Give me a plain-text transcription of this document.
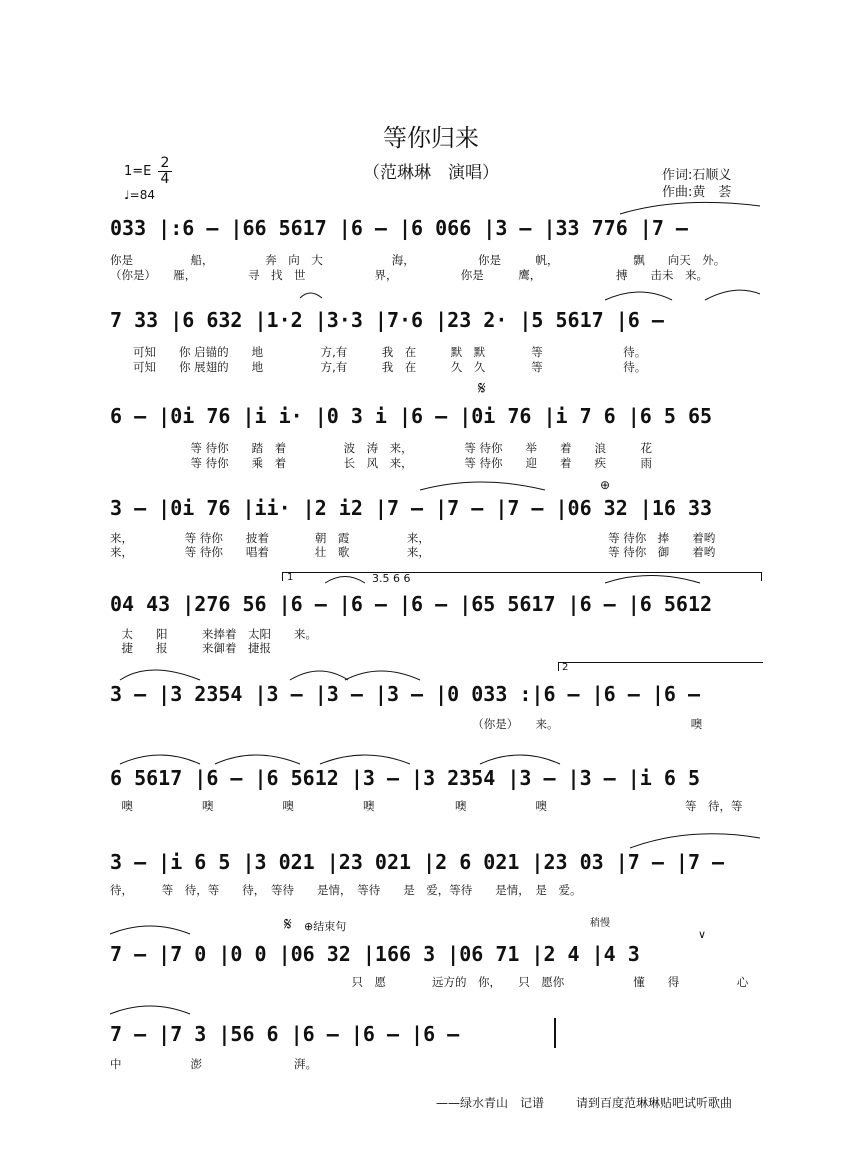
等你归来
（范琳琳　演唱）	作词:石顺义
作曲:黄　荟
1=E
2
4
♩=84
033 |:6 – |66 5617 |6 – |6 066 |3 – |33 776 |7 –
你是　　　　　船，　　　　　奔　向　大　　　　　　海，　　　　　　你是　　　帆，　　　　　　　飘　　向天　外。
（你是）　　雁，　　　　　寻　找　世　　　　　　界，　　　　　　你是　　　鹰，　　　　　　　搏　　击未　来。
7 33 |6 632 |1·2 |3·3 |7·6 |23 2· |5 5617 |6 –
　　可知　　你 启锚的　　地　　　　　方,有　　　我　在　　　默　默　　　　等　　　　　　　待。
　　可知　　你 展翅的　　地　　　　　方,有　　　我　在　　　久　久　　　　等　　　　　　　待。
𝄋
6 – |0i 76 |i i· |0 3 i |6 – |0i 76 |i 7 6 |6 5 65
　　　　　　　等 待你　　踏　着　　　　　波　涛　来，　　　　　等 待你　　举　　着　　浪　　　花
　　　　　　　等 待你　　乘　着　　　　　长　风　来，　　　　　等 待你　　迎　　着　　疾　　　雨
⊕
3 – |0i 76 |ii· |2 i2 |7 – |7 – |7 – |06 32 |16 33
来，　　　　　等 待你　　披着　　　　朝　霞　　　　　来，　　　　　　　　　　　　　　　　等 待你　捧　　着哟
来，　　　　　等 待你　　唱着　　　　壮　歌　　　　　来，　　　　　　　　　　　　　　　　等 待你　御　　着哟
1	3.5 6 6
04 43 |276 56 |6 – |6 – |6 – |65 5617 |6 – |6 5612
　太　　阳　　　来捧着　太阳　　来。
　捷　　报　　　来御着　捷报
2
3 – |3 2354 |3 – |3 – |3 – |0 033 :|6 – |6 – |6 –
　　　　　　　　　　　　　　　　　　　　　　　　　　　　　　　　（你是）　　来。　　　　　　　　　　　　噢
6 5617 |6 – |6 5612 |3 – |3 2354 |3 – |3 – |i 6 5
　噢　　　　　　噢　　　　　　噢　　　　　　噢　　　　　　　噢　　　　　　噢　　　　　　　　　　　　等　待，等
3 – |i 6 5 |3 021 |23 021 |2 6 021 |23 03 |7 – |7 –
待，　　　等　待，等　　待，　等待　　是情，　等待　　是　爱，等待　　是情，　是　爱。
𝄋 ⊕结束句	稍慢
∨
7 – |7 0 |0 0 |06 32 |166 3 |06 71 |2 4 |4 3
　　　　　　　　　　　　　　　　　　　　　只　愿　　　　远方的　你，　　只　愿你　　　　　　懂　　得　　　　　心
7 – |7 3 |56 6 |6 – |6 – |6 –
中　　　　　　澎　　　　　　　　湃。
——绿水青山　记谱	请到百度范琳琳贴吧试听歌曲
